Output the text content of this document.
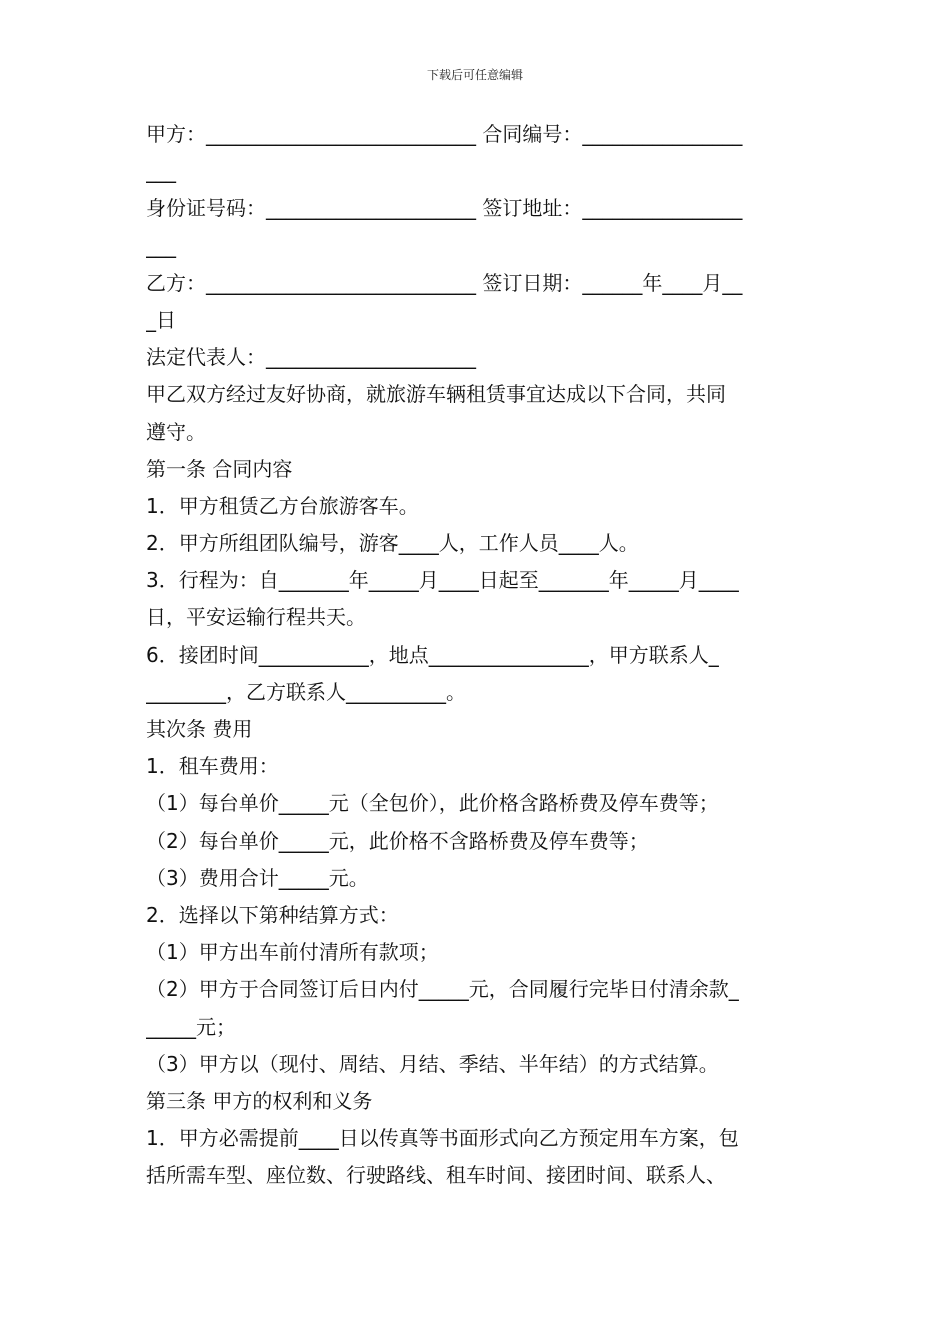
下载后可任意编辑
甲方：___________________________ 合同编号：________________
___
身份证号码：_____________________ 签订地址：________________
___
乙方：___________________________ 签订日期：______年____月__
_日
法定代表人：_____________________
甲乙双方经过友好协商，就旅游车辆租赁事宜达成以下合同，共同
遵守。
第一条 合同内容
1．甲方租赁乙方台旅游客车。
2．甲方所组团队编号，游客____人，工作人员____人。
3．行程为：自_______年_____月____日起至_______年_____月____
日，平安运输行程共天。
6．接团时间___________，地点________________，甲方联系人_
________，乙方联系人__________。
其次条 费用
1．租车费用：
（1）每台单价_____元（全包价），此价格含路桥费及停车费等；
（2）每台单价_____元，此价格不含路桥费及停车费等；
（3）费用合计_____元。
2．选择以下第种结算方式：
（1）甲方出车前付清所有款项；
（2）甲方于合同签订后日内付_____元，合同履行完毕日付清余款_
_____元；
（3）甲方以（现付、周结、月结、季结、半年结）的方式结算。
第三条 甲方的权利和义务
1．甲方必需提前____日以传真等书面形式向乙方预定用车方案，包
括所需车型、座位数、行驶路线、租车时间、接团时间、联系人、
